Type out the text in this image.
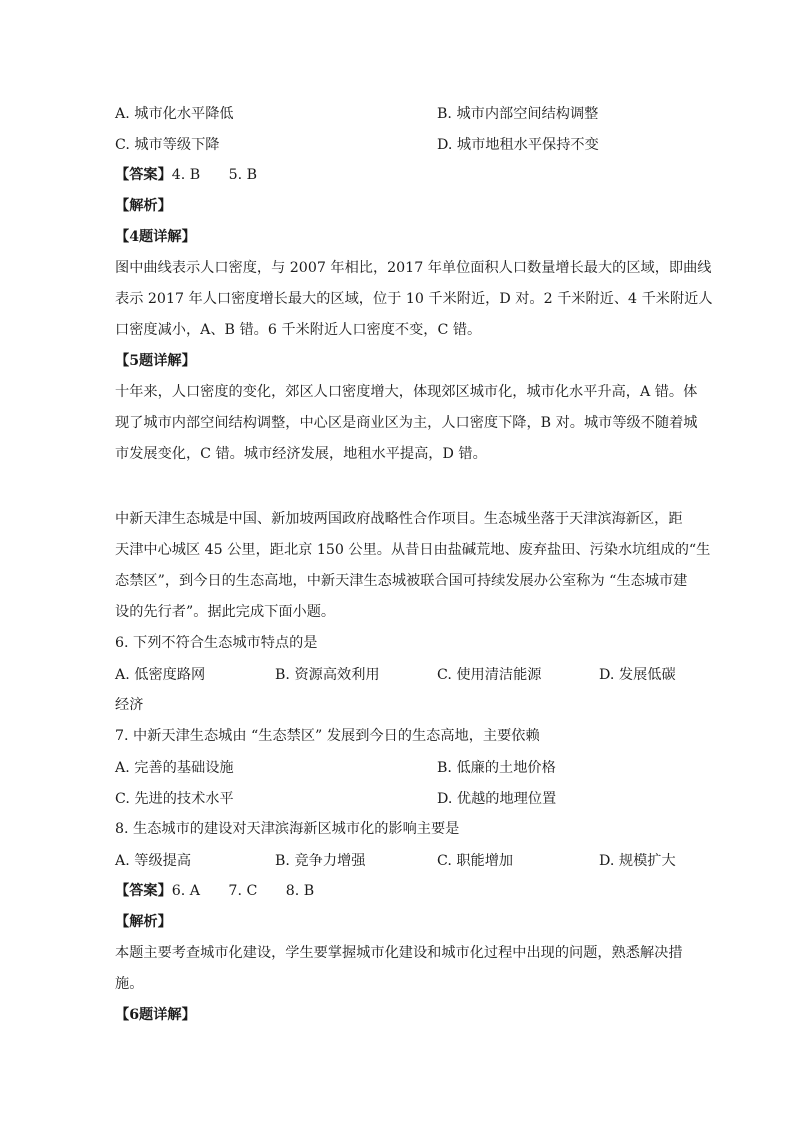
A. 城市化水平降低	B. 城市内部空间结构调整
C. 城市等级下降	D. 城市地租水平保持不变
【答案】4. B　　5. B
【解析】
【4题详解】
图中曲线表示人口密度，与 2007 年相比，2017 年单位面积人口数量增长最大的区域，即曲线
表示 2017 年人口密度增长最大的区域，位于 10 千米附近，D 对。2 千米附近、4 千米附近人
口密度减小，A、B 错。6 千米附近人口密度不变，C 错。
【5题详解】
十年来，人口密度的变化，郊区人口密度增大，体现郊区城市化，城市化水平升高，A 错。体
现了城市内部空间结构调整，中心区是商业区为主，人口密度下降，B 对。城市等级不随着城
市发展变化，C 错。城市经济发展，地租水平提高，D 错。
中新天津生态城是中国、新加坡两国政府战略性合作项目。生态城坐落于天津滨海新区，距
天津中心城区 45 公里，距北京 150 公里。从昔日由盐碱荒地、废弃盐田、污染水坑组成的“生
态禁区”，到今日的生态高地，中新天津生态城被联合国可持续发展办公室称为 “生态城市建
设的先行者”。据此完成下面小题。
6. 下列不符合生态城市特点的是
A. 低密度路网	B. 资源高效利用	C. 使用清洁能源	D. 发展低碳
经济
7. 中新天津生态城由 “生态禁区” 发展到今日的生态高地，主要依赖
A. 完善的基础设施	B. 低廉的土地价格
C. 先进的技术水平	D. 优越的地理位置
8. 生态城市的建设对天津滨海新区城市化的影响主要是
A. 等级提高	B. 竞争力增强	C. 职能增加	D. 规模扩大
【答案】6. A　　7. C　　8. B
【解析】
本题主要考查城市化建设，学生要掌握城市化建设和城市化过程中出现的问题，熟悉解决措
施。
【6题详解】
